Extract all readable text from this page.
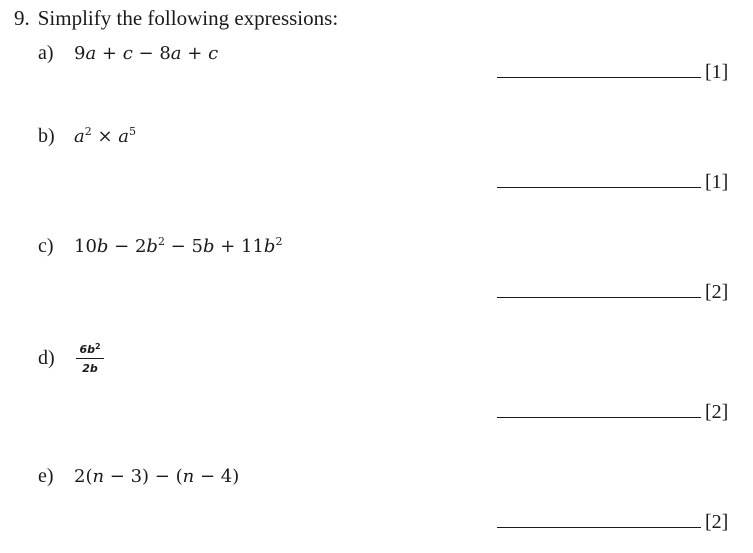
9. Simplify the following expressions:
a)	9a + c − 8a + c
[1]
b)	$a^2 \times a^5$
[1]
c)	$10b - 2b^2 - 5b + 11b^2$
[2]
d)	$\frac{6b^2}{2b}$
[2]
e)	2(n − 3) − (n − 4)
[2]
